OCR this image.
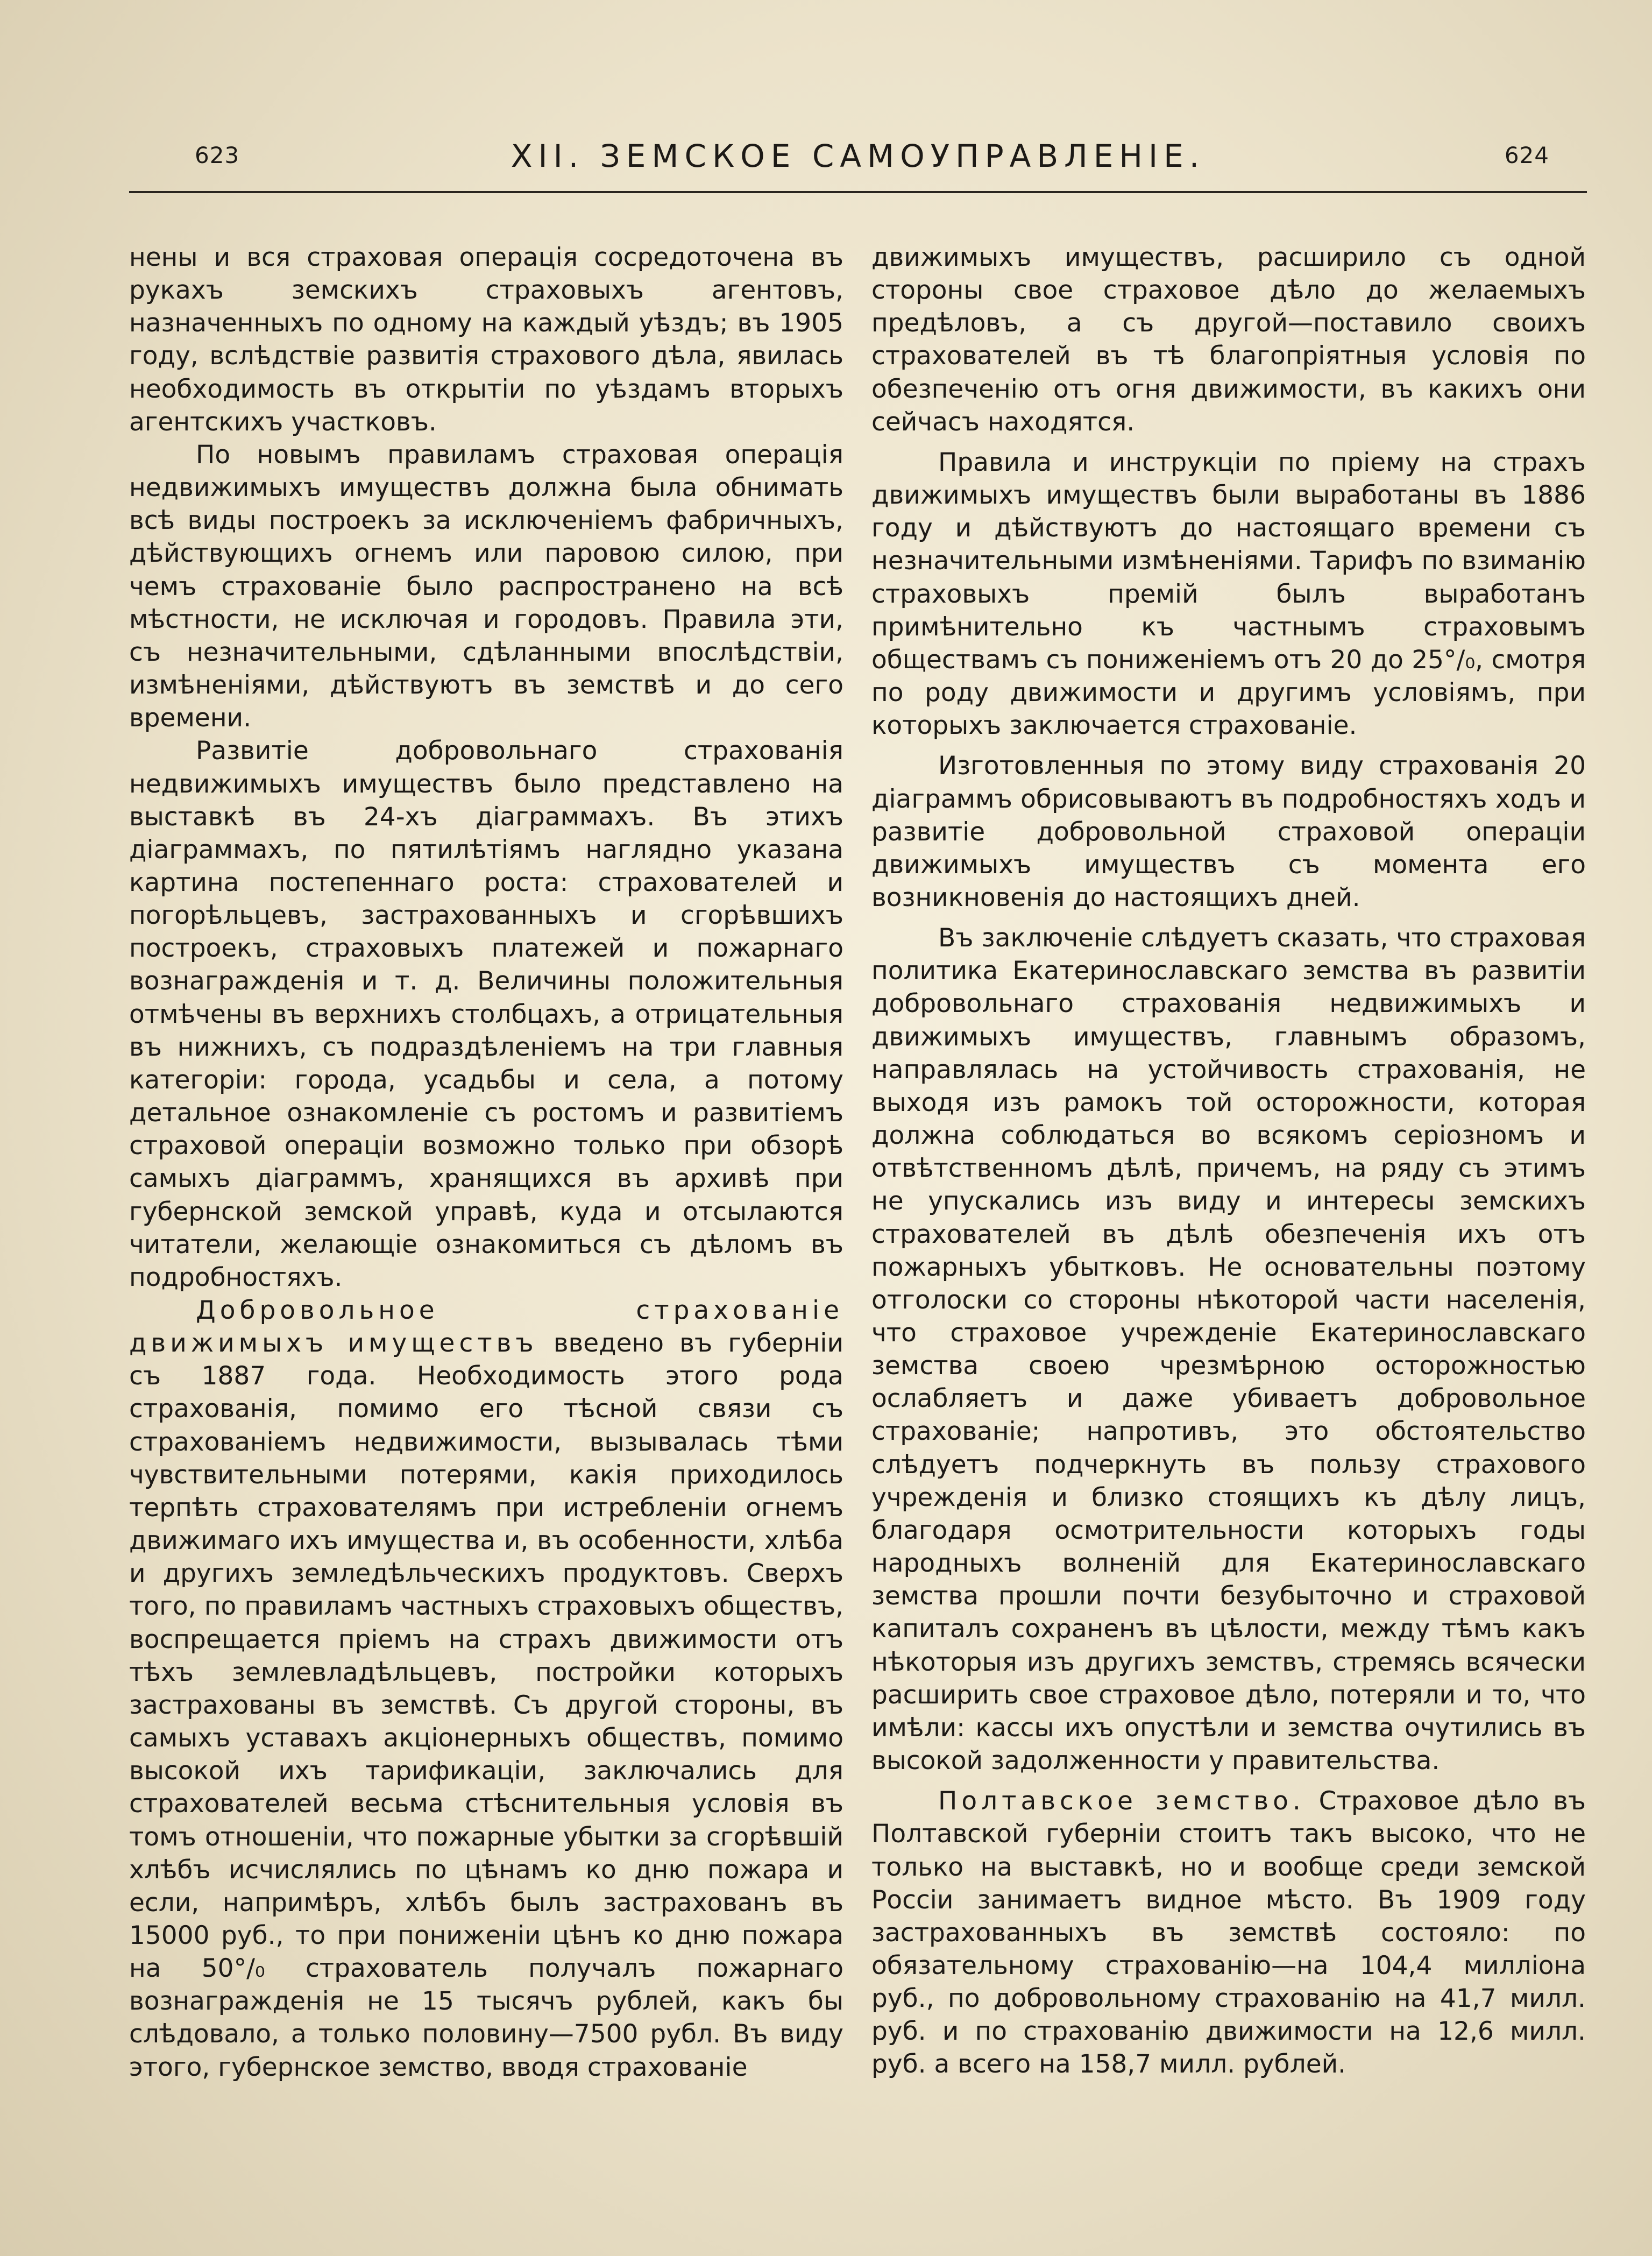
623	XII. ЗЕМСКОЕ САМОУПРАВЛЕНІЕ.	624

нены и вся страховая операція сосредоточена въ рукахъ земскихъ страховыхъ агентовъ, назначенныхъ по одному на каждый уѣздъ; въ 1905 году, вслѣдствіе развитія страхового дѣла, явилась необходимость въ открытіи по уѣздамъ вторыхъ агентскихъ участковъ.

По новымъ правиламъ страховая операція недвижимыхъ имуществъ должна была обнимать всѣ виды построекъ за исключеніемъ фабричныхъ, дѣйствующихъ огнемъ или паровою силою, при чемъ страхованіе было распространено на всѣ мѣстности, не исключая и городовъ. Правила эти, съ незначительными, сдѣланными впослѣдствіи, измѣненіями, дѣйствуютъ въ земствѣ и до сего времени.

Развитіе добровольнаго страхованія недвижимыхъ имуществъ было представлено на выставкѣ въ 24-хъ діаграммахъ. Въ этихъ діаграммахъ, по пятилѣтіямъ наглядно указана картина постепеннаго роста: страхователей и погорѣльцевъ, застрахованныхъ и сгорѣвшихъ построекъ, страховыхъ платежей и пожарнаго вознагражденія и т. д. Величины положительныя отмѣчены въ верхнихъ столбцахъ, а отрицательныя въ нижнихъ, съ подраздѣленіемъ на три главныя категоріи: города, усадьбы и села, а потому детальное ознакомленіе съ ростомъ и развитіемъ страховой операціи возможно только при обзорѣ самыхъ діаграммъ, хранящихся въ архивѣ при губернской земской управѣ, куда и отсылаются читатели, желающіе ознакомиться съ дѣломъ въ подробностяхъ.

Добровольное страхованіе движимыхъ имуществъ введено въ губерніи съ 1887 года. Необходимость этого рода страхованія, помимо его тѣсной связи съ страхованіемъ недвижимости, вызывалась тѣми чувствительными потерями, какія приходилось терпѣть страхователямъ при истребленіи огнемъ движимаго ихъ имущества и, въ особенности, хлѣба и другихъ земледѣльческихъ продуктовъ. Сверхъ того, по правиламъ частныхъ страховыхъ обществъ, воспрещается пріемъ на страхъ движимости отъ тѣхъ землевладѣльцевъ, постройки которыхъ застрахованы въ земствѣ. Съ другой стороны, въ самыхъ уставахъ акціонерныхъ обществъ, помимо высокой ихъ тарификаціи, заключались для страхователей весьма стѣснительныя условія въ томъ отношеніи, что пожарные убытки за сгорѣвшій хлѣбъ исчислялись по цѣнамъ ко дню пожара и если, напримѣръ, хлѣбъ былъ застрахованъ въ 15000 руб., то при пониженіи цѣнъ ко дню пожара на 50°/₀ страхователь получалъ пожарнаго вознагражденія не 15 тысячъ рублей, какъ бы слѣдовало, а только половину—7500 рубл. Въ виду этого, губернское земство, вводя страхованіе

движимыхъ имуществъ, расширило съ одной стороны свое страховое дѣло до желаемыхъ предѣловъ, а съ другой—поставило своихъ страхователей въ тѣ благопріятныя условія по обезпеченію отъ огня движимости, въ какихъ они сейчасъ находятся.

Правила и инструкціи по пріему на страхъ движимыхъ имуществъ были выработаны въ 1886 году и дѣйствуютъ до настоящаго времени съ незначительными измѣненіями. Тарифъ по взиманію страховыхъ премій былъ выработанъ примѣнительно къ частнымъ страховымъ обществамъ съ пониженіемъ отъ 20 до 25°/₀, смотря по роду движимости и другимъ условіямъ, при которыхъ заключается страхованіе.

Изготовленныя по этому виду страхованія 20 діаграммъ обрисовываютъ въ подробностяхъ ходъ и развитіе добровольной страховой операціи движимыхъ имуществъ съ момента его возникновенія до настоящихъ дней.

Въ заключеніе слѣдуетъ сказать, что страховая политика Екатеринославскаго земства въ развитіи добровольнаго страхованія недвижимыхъ и движимыхъ имуществъ, главнымъ образомъ, направлялась на устойчивость страхованія, не выходя изъ рамокъ той осторожности, которая должна соблюдаться во всякомъ серіозномъ и отвѣтственномъ дѣлѣ, причемъ, на ряду съ этимъ не упускались изъ виду и интересы земскихъ страхователей въ дѣлѣ обезпеченія ихъ отъ пожарныхъ убытковъ. Не основательны поэтому отголоски со стороны нѣкоторой части населенія, что страховое учрежденіе Екатеринославскаго земства своею чрезмѣрною осторожностью ослабляетъ и даже убиваетъ добровольное страхованіе; напротивъ, это обстоятельство слѣдуетъ подчеркнуть въ пользу страхового учрежденія и близко стоящихъ къ дѣлу лицъ, благодаря осмотрительности которыхъ годы народныхъ волненій для Екатеринославскаго земства прошли почти безубыточно и страховой капиталъ сохраненъ въ цѣлости, между тѣмъ какъ нѣкоторыя изъ другихъ земствъ, стремясь всячески расширить свое страховое дѣло, потеряли и то, что имѣли: кассы ихъ опустѣли и земства очутились въ высокой задолженности у правительства.

Полтавское земство. Страховое дѣло въ Полтавской губерніи стоитъ такъ высоко, что не только на выставкѣ, но и вообще среди земской Россіи занимаетъ видное мѣсто. Въ 1909 году застрахованныхъ въ земствѣ состояло: по обязательному страхованію—на 104,4 милліона руб., по добровольному страхованію на 41,7 милл. руб. и по страхованію движимости на 12,6 милл. руб. а всего на 158,7 милл. рублей.
